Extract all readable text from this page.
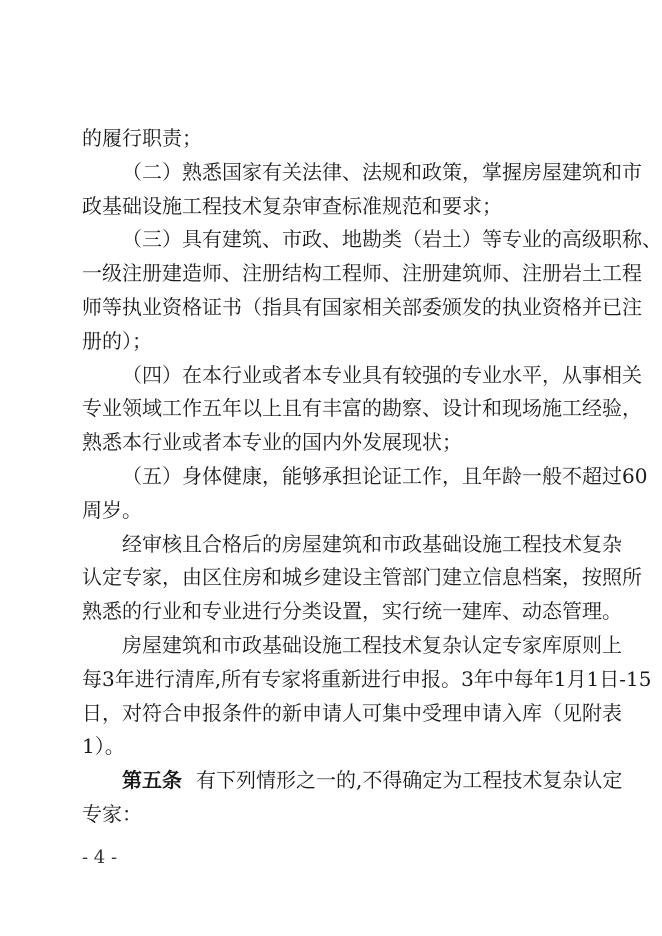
的履行职责；
（二）熟悉国家有关法律、法规和政策，掌握房屋建筑和市
政基础设施工程技术复杂审查标准规范和要求；
（三）具有建筑、市政、地勘类（岩土）等专业的高级职称、
一级注册建造师、注册结构工程师、注册建筑师、注册岩土工程
师等执业资格证书（指具有国家相关部委颁发的执业资格并已注
册的）；
（四）在本行业或者本专业具有较强的专业水平，从事相关
专业领域工作五年以上且有丰富的勘察、设计和现场施工经验，
熟悉本行业或者本专业的国内外发展现状；
（五）身体健康，能够承担论证工作，且年龄一般不超过60
周岁。
经审核且合格后的房屋建筑和市政基础设施工程技术复杂
认定专家，由区住房和城乡建设主管部门建立信息档案，按照所
熟悉的行业和专业进行分类设置，实行统一建库、动态管理。
房屋建筑和市政基础设施工程技术复杂认定专家库原则上
每3年进行清库,所有专家将重新进行申报。3年中每年1月1日-15
日，对符合申报条件的新申请人可集中受理申请入库（见附表
1）。
第五条 有下列情形之一的,不得确定为工程技术复杂认定
专家：
- 4 -
